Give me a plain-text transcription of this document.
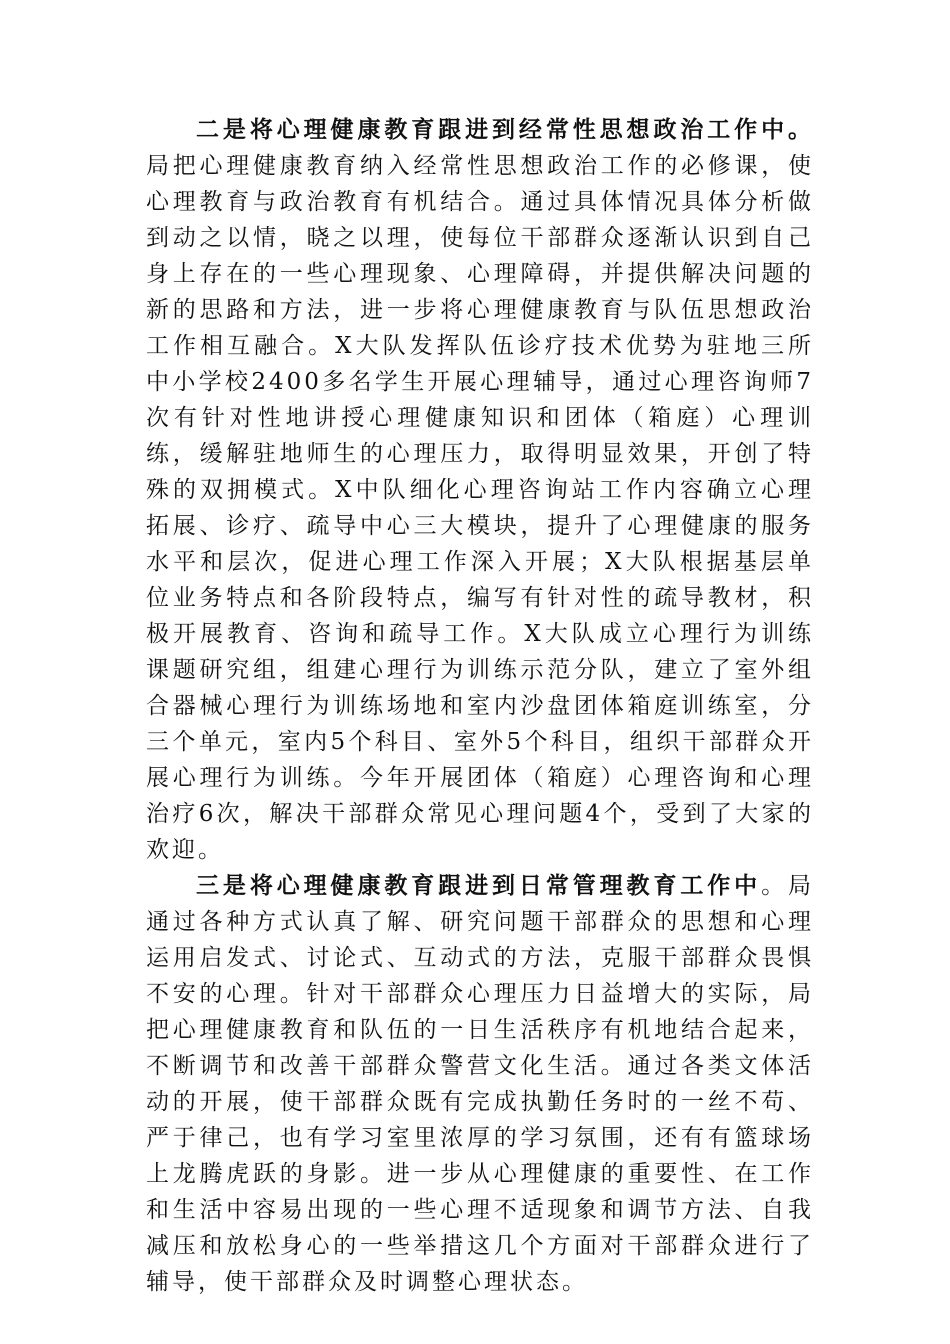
二是将心理健康教育跟进到经常性思想政治工作中。局把心理健康教育纳入经常性思想政治工作的必修课，使心理教育与政治教育有机结合。通过具体情况具体分析做到动之以情，晓之以理，使每位干部群众逐渐认识到自己身上存在的一些心理现象、心理障碍，并提供解决问题的新的思路和方法，进一步将心理健康教育与队伍思想政治工作相互融合。X大队发挥队伍诊疗技术优势为驻地三所中小学校2400多名学生开展心理辅导，通过心理咨询师7次有针对性地讲授心理健康知识和团体（箱庭）心理训练，缓解驻地师生的心理压力，取得明显效果，开创了特殊的双拥模式。X中队细化心理咨询站工作内容确立心理拓展、诊疗、疏导中心三大模块，提升了心理健康的服务水平和层次，促进心理工作深入开展；X大队根据基层单位业务特点和各阶段特点，编写有针对性的疏导教材，积极开展教育、咨询和疏导工作。X大队成立心理行为训练课题研究组，组建心理行为训练示范分队，建立了室外组合器械心理行为训练场地和室内沙盘团体箱庭训练室，分三个单元，室内5个科目、室外5个科目，组织干部群众开展心理行为训练。今年开展团体（箱庭）心理咨询和心理治疗6次，解决干部群众常见心理问题4个，受到了大家的欢迎。

三是将心理健康教育跟进到日常管理教育工作中。局通过各种方式认真了解、研究问题干部群众的思想和心理运用启发式、讨论式、互动式的方法，克服干部群众畏惧不安的心理。针对干部群众心理压力日益增大的实际，局把心理健康教育和队伍的一日生活秩序有机地结合起来，不断调节和改善干部群众警营文化生活。通过各类文体活动的开展，使干部群众既有完成执勤任务时的一丝不苟、严于律己，也有学习室里浓厚的学习氛围，还有有篮球场上龙腾虎跃的身影。进一步从心理健康的重要性、在工作和生活中容易出现的一些心理不适现象和调节方法、自我减压和放松身心的一些举措这几个方面对干部群众进行了辅导，使干部群众及时调整心理状态。
